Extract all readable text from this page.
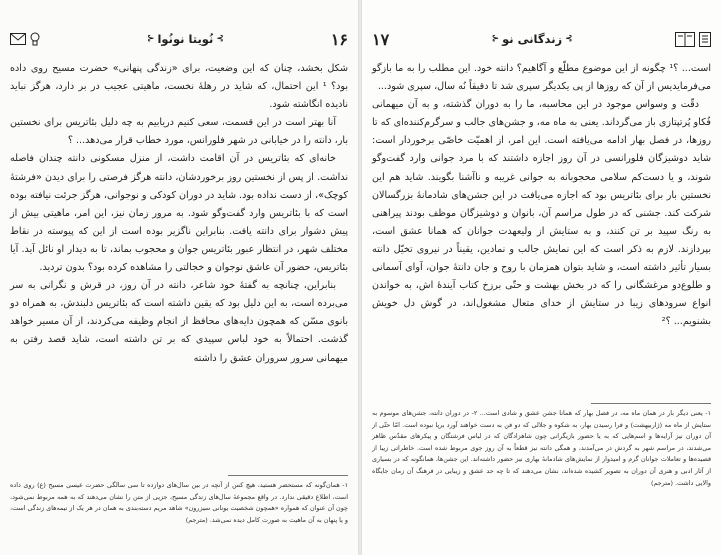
۱۶
⊱
نُویتا نونُوا
⊰

شکل بخشد، چنان که این وضعیت، برای «زندگی پنهانی» حضرت مسیح روی داده بود؟ ¹ این احتمال، که شاید در رهلهٔ نخست، ماهیتی عجیب در بر دارد، هرگز نباید نادیده انگاشته شود.

آنا بهتر است در این قسمت، سعی کنیم دریابیم به چه دلیل بئاتریس برای نخستین بار، دانته را در خیابانی در شهر فلورانس، مورد خطاب قرار می‌دهد... ؟

خانه‌ای که بئاتریس در آن اقامت داشت، از منزل مسکونی دانته چندان فاصله نداشت. از پس از نخستین روز برخوردشان، دانته هرگز فرصتی را برای دیدن «فرشتهٔ کوچک»، از دست نداده بود. شاید در دوران کودکی و نوجوانی، هرگز جرئت نیافته بوده است که با بئاتریس وارد گفت‌وگو شود. به مرور زمان نیز، این امر، ماهیتی بیش از پیش دشوار برای دانته یافت. بنابراین ناگزیر بوده است از این که پیوسته در نقاط مختلف شهر، در انتظار عبور بئاتریس جوان و محجوب بماند، تا به دیدار او نائل آید. آیا بئاتریس، حضور آن عاشق نوجوان و خجالتی را مشاهده کرده بود؟ بدون تردید.

بنابراین، چنانچه به گفتهٔ خود شاعر، دانته در آن روز، در قرش و نگرانی به سر می‌برده است، به این دلیل بود که یقین داشته است که بئاتریس دلبندش، به همراه دو بانوی مسّن که همچون دایه‌های محافظ از انجام وظیفه می‌کردند، از آن مسیر خواهد گذشت. احتمالاً به خود لباس سپیدی که بر تن داشته است، شاید قصد رفتن به میهمانی سرور سروران عشق را داشته

۱- همان‌گونه که مستحضر هستید، هیچ کس از آنچه در بین سال‌های دوازده تا سی سالگی حضرت عیسی مسیح (ع) روی داده است، اطلاع دقیقی ندارد. در واقع مجموعهٔ سال‌های زندگی مسیح، جزیی از متن را نشان می‌دهند که به همه مربوط نمی‌شود، چون آن عنوان که همواره «همچون شخصیت یونانی سیزرون» شاهد مریم دسته‌بندی به همان در هر یک از نیمه‌های زندگی است، و یا پنهان به آن ماهیت به صورت کامل دیده نمی‌شد. (مترجم)

⊱
زندگانی نو
⊰
۱۷

است... ؟¹ چگونه از این موضوع مطلّع و آگاهیم؟ دانته خود. این مطلب را به ما بازگو می‌فرمایدیس از آن که روزها از پی یکدیگر سپری شد تا دقیقاً نُه سال، سپری شود...

دقّت و وسواس موجود در این محاسبه، ما را به دوران گذشته، و به آن میهمانی فُکاو پُرتپتازی باز می‌گرداند. یعنی به ماه مه، و جشن‌های جالب و سرگرم‌کننده‌ای که تا روزها، در فصل بهار ادامه می‌یافته است. این امر، از اهمیّت خاصّی برخوردار است: شاید دوشیزگان فلورانسی در آن روز اجازه داشتند که با مرد جوانی وارد گفت‌وگو شوند، و یا دست‌کم سلامی محجوبانه به جوانی غریبه و ناآشنا بگویند. شاید هم این نخستین بار برای بئاتریس بود که اجازه می‌یافت در این جشن‌های شادمانهٔ بزرگسالان شرکت کند. جشنی که در طول مراسم آن، بانوان و دوشیزگان موظف بودند پیراهنی به رنگ سپید بر تن کنند، و به ستایش از ولیعهدت جوانان که همانا عشق است، بپردازند. لازم به ذکر است که این نمایش جالب و نمادین، یقیناً در نیروی تخیّل دانته بسیار تأثیر داشته است، و شاید بتوان همزمان با روح و جان دانتهٔ جوان، آوای آسمانی و طلوع‌دو مرغشگانی را که در بخش بهشت و حتّی برزخ کتاب آیندهٔ اش، به خواندن انواع سرودهای زیبا در ستایش از خدای متعال مشغول‌اند، در گوش دل خویش بشنویم... ؟²

۱- یعنی دیگر بار در همان ماه مه، در فصل بهار که همانا جشن عشق و شادی است... ۲- در دوران دانته، جشن‌های موسوم به ستایش از ماه مه (ژاربیهشت) و فرا رسیدن بهار، به شکوه و جلالی که دو فن به دست خواهند آورد برپا نبوده است. امّا حتّی از آن دوران نیز آرایه‌ها و اسم‌هایی که به یا حضور بازیگرانی چون شاهزادگان که در لباس فرشتگان و پیکرهای مقدّس ظاهر می‌شدند، در مراسم شهر به گردش در می‌آمدند، و همگی دانته نیز قطعاً به آن روز جوی مربوط شده است. خاطراتی زیبا از قصیده‌ها و تعاملات جوانان گرم و امیدوار از نمایش‌های شادمانهٔ بهاری نیز حضور داشته‌اند. این جشن‌ها، همانگونه که در بسیاری از آثار ادبی و هنری آن دوران به تصویر کشیده شده‌اند، نشان می‌دهند که تا چه حد عشق و زیبایی در فرهنگ آن زمان جایگاه والایی داشت. (مترجم)
